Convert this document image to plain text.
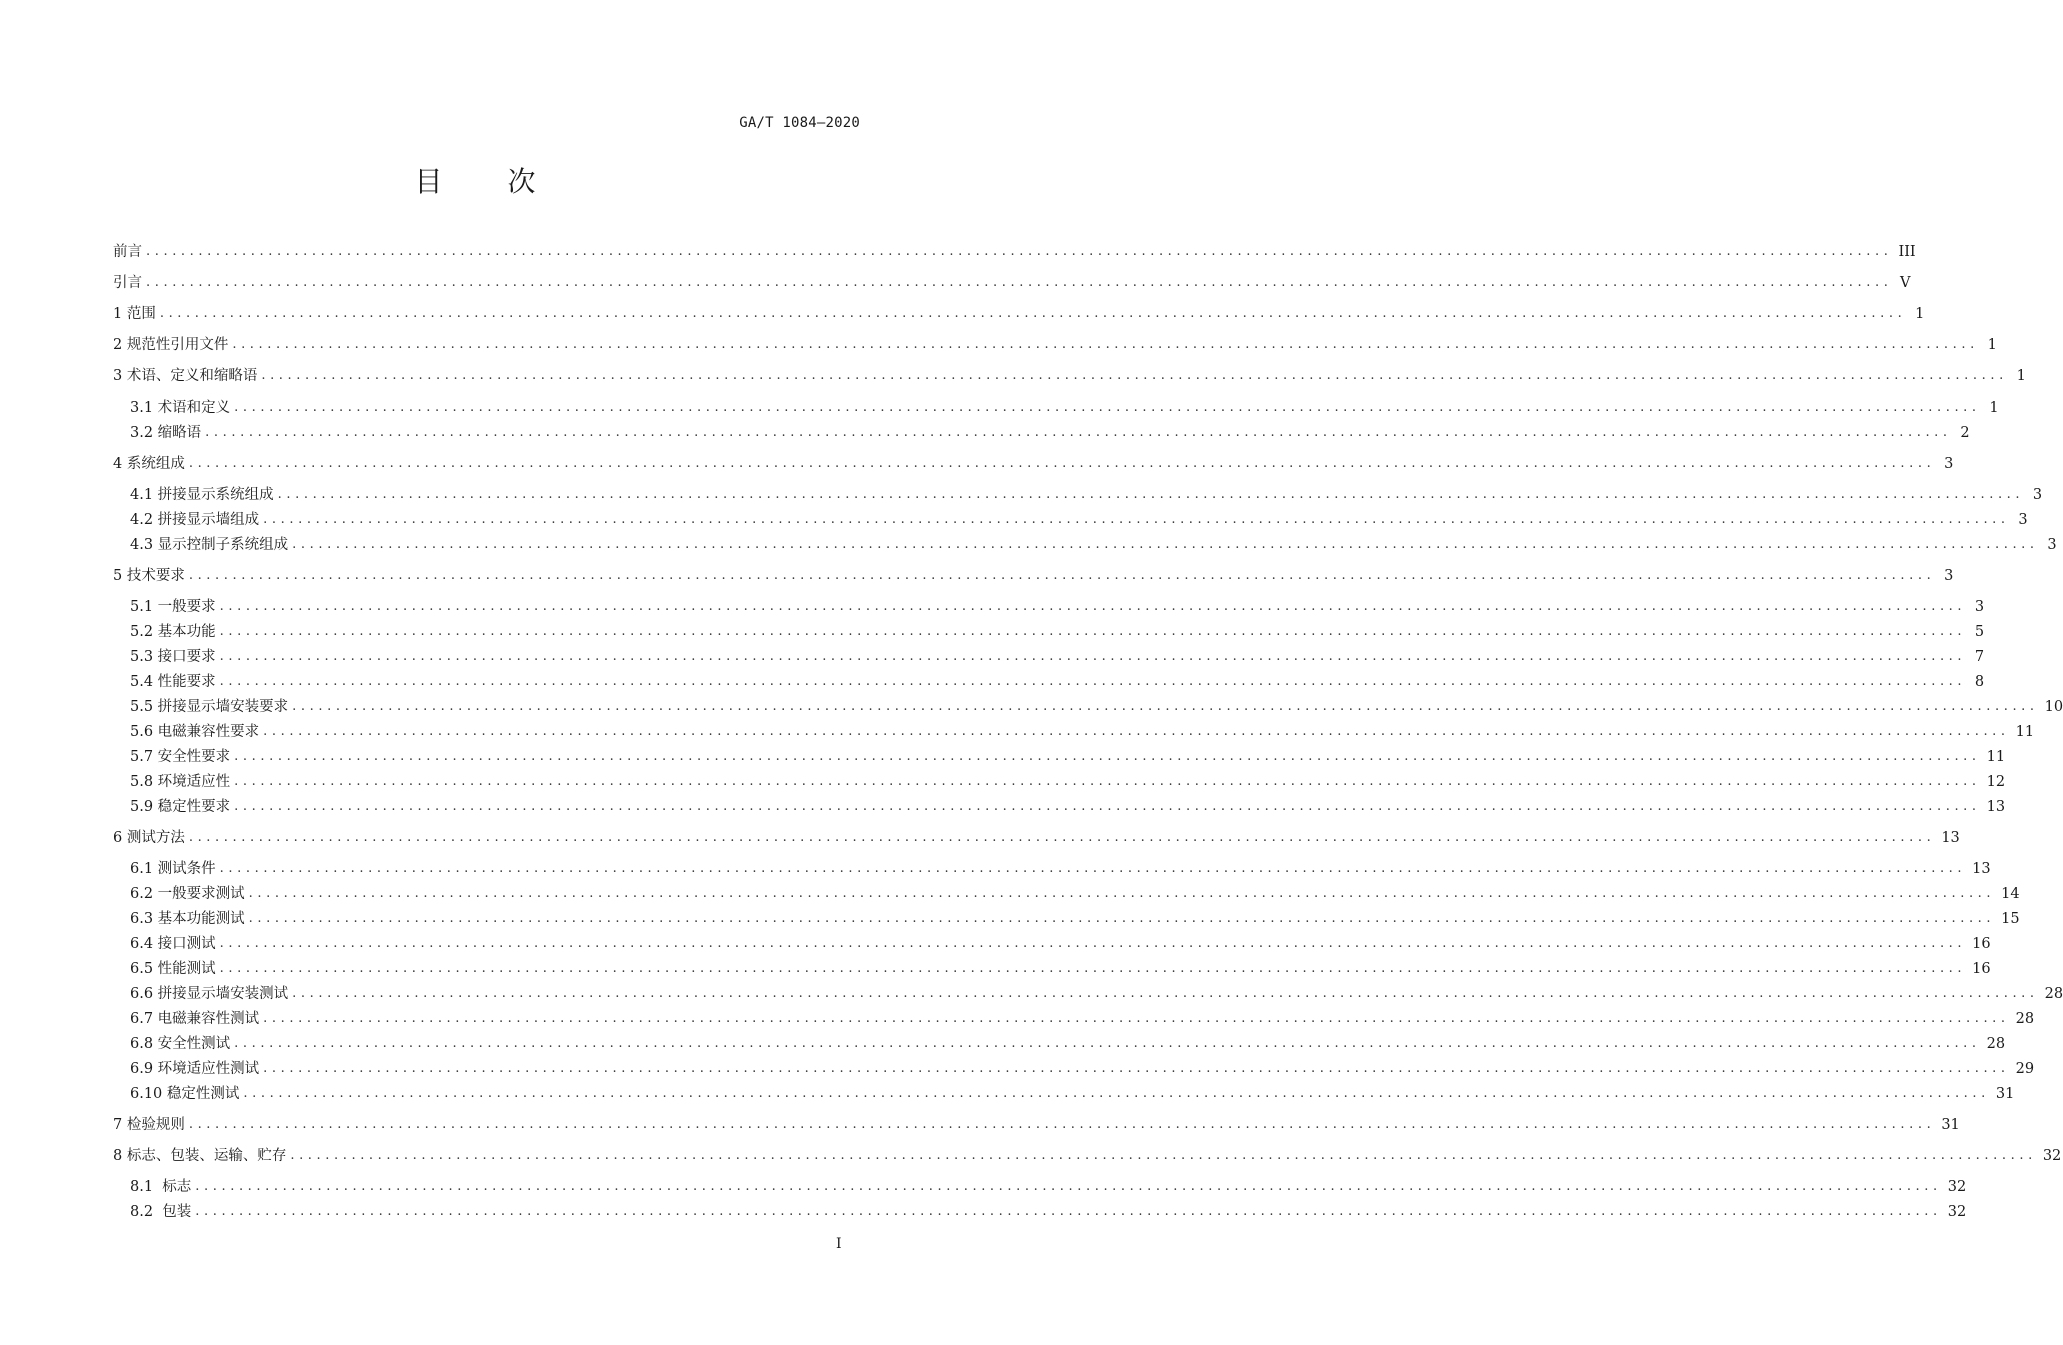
GA/T 1084—2020
目 次
前言 ........................................................................................................................................................................................................ III
引言 ........................................................................................................................................................................................................ V
1 范围 ........................................................................................................................................................................................................ 1
2 规范性引用文件 ........................................................................................................................................................................................................ 1
3 术语、定义和缩略语 ........................................................................................................................................................................................................ 1
3.1 术语和定义 ........................................................................................................................................................................................................ 1
3.2 缩略语 ........................................................................................................................................................................................................ 2
4 系统组成 ........................................................................................................................................................................................................ 3
4.1 拼接显示系统组成 ........................................................................................................................................................................................................ 3
4.2 拼接显示墙组成 ........................................................................................................................................................................................................ 3
4.3 显示控制子系统组成 ........................................................................................................................................................................................................ 3
5 技术要求 ........................................................................................................................................................................................................ 3
5.1 一般要求 ........................................................................................................................................................................................................ 3
5.2 基本功能 ........................................................................................................................................................................................................ 5
5.3 接口要求 ........................................................................................................................................................................................................ 7
5.4 性能要求 ........................................................................................................................................................................................................ 8
5.5 拼接显示墙安装要求 ........................................................................................................................................................................................................ 10
5.6 电磁兼容性要求 ........................................................................................................................................................................................................ 11
5.7 安全性要求 ........................................................................................................................................................................................................ 11
5.8 环境适应性 ........................................................................................................................................................................................................ 12
5.9 稳定性要求 ........................................................................................................................................................................................................ 13
6 测试方法 ........................................................................................................................................................................................................ 13
6.1 测试条件 ........................................................................................................................................................................................................ 13
6.2 一般要求测试 ........................................................................................................................................................................................................ 14
6.3 基本功能测试 ........................................................................................................................................................................................................ 15
6.4 接口测试 ........................................................................................................................................................................................................ 16
6.5 性能测试 ........................................................................................................................................................................................................ 16
6.6 拼接显示墙安装测试 ........................................................................................................................................................................................................ 28
6.7 电磁兼容性测试 ........................................................................................................................................................................................................ 28
6.8 安全性测试 ........................................................................................................................................................................................................ 28
6.9 环境适应性测试 ........................................................................................................................................................................................................ 29
6.10 稳定性测试 ........................................................................................................................................................................................................ 31
7 检验规则 ........................................................................................................................................................................................................ 31
8 标志、包装、运输、贮存 ........................................................................................................................................................................................................ 32
8.1  标志 ........................................................................................................................................................................................................ 32
8.2  包装 ........................................................................................................................................................................................................ 32
I
